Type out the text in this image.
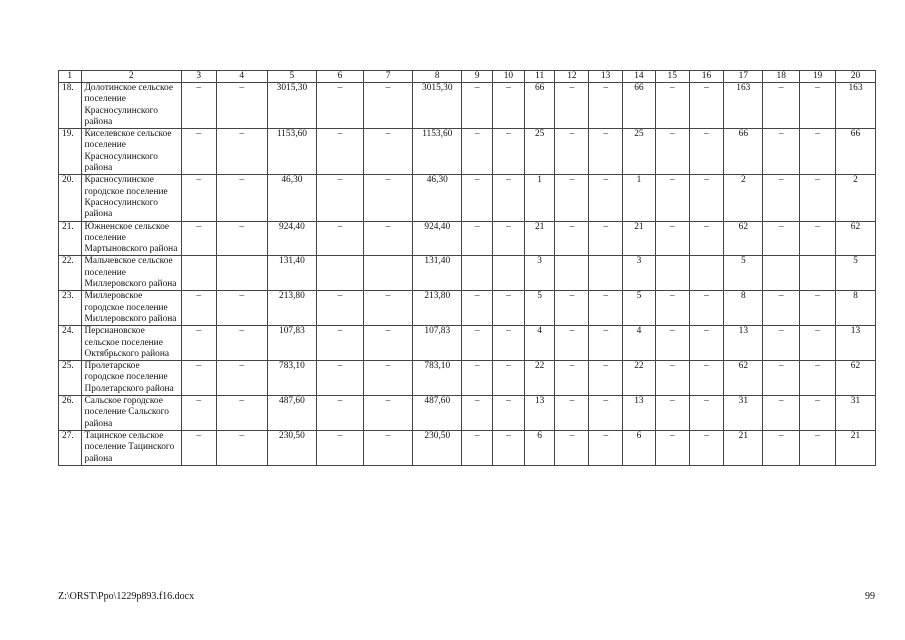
1	2	3	4	5	6	7	8	9	10	11	12	13	14	15	16	17	18	19	20
18.	Долотинское сельское поселение Красносулинского района	–	–	3015,30	–	–	3015,30	–	–	66	–	–	66	–	–	163	–	–	163
19.	Киселевское сельское поселение Красносулинского района	–	–	1153,60	–	–	1153,60	–	–	25	–	–	25	–	–	66	–	–	66
20.	Красносулинское городское поселение Красносулинского района	–	–	46,30	–	–	46,30	–	–	1	–	–	1	–	–	2	–	–	2
21.	Южненское сельское поселение Мартыновского района	–	–	924,40	–	–	924,40	–	–	21	–	–	21	–	–	62	–	–	62
22.	Мальчевское сельское поселение Миллеровского района			131,40			131,40			3			3			5			5
23.	Миллеровское городское поселение Миллеровского района	–	–	213,80	–	–	213,80	–	–	5	–	–	5	–	–	8	–	–	8
24.	Персиановское сельское поселение Октябрьского района	–	–	107,83	–	–	107,83	–	–	4	–	–	4	–	–	13	–	–	13
25.	Пролетарское городское поселение Пролетарского района	–	–	783,10	–	–	783,10	–	–	22	–	–	22	–	–	62	–	–	62
26.	Сальское городское поселение Сальского района	–	–	487,60	–	–	487,60	–	–	13	–	–	13	–	–	31	–	–	31
27.	Тацинское сельское поселение Тацинского района	–	–	230,50	–	–	230,50	–	–	6	–	–	6	–	–	21	–	–	21
Z:\ORST\Ppo\1229p893.f16.docx	99
